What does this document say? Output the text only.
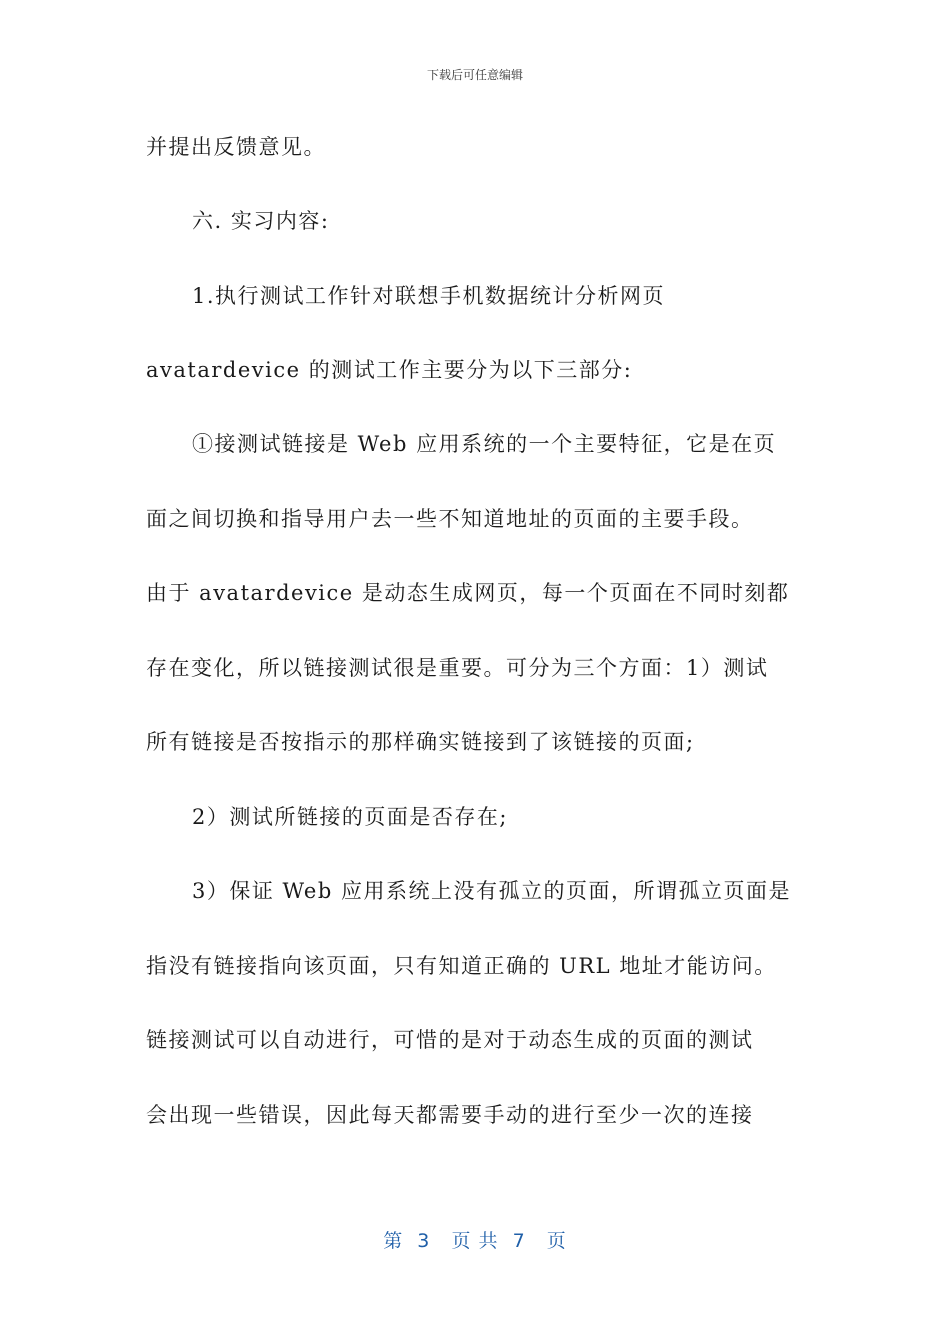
下载后可任意编辑
并提出反馈意见。
六. 实习内容:
1.执行测试工作针对联想手机数据统计分析网页
avatardevice 的测试工作主要分为以下三部分:
①接测试链接是 Web 应用系统的一个主要特征，它是在页
面之间切换和指导用户去一些不知道地址的页面的主要手段。
由于 avatardevice 是动态生成网页，每一个页面在不同时刻都
存在变化，所以链接测试很是重要。可分为三个方面：1）测试
所有链接是否按指示的那样确实链接到了该链接的页面;
2）测试所链接的页面是否存在;
3）保证 Web 应用系统上没有孤立的页面，所谓孤立页面是
指没有链接指向该页面，只有知道正确的 URL 地址才能访问。
链接测试可以自动进行，可惜的是对于动态生成的页面的测试
会出现一些错误，因此每天都需要手动的进行至少一次的连接
第  3   页 共  7   页
